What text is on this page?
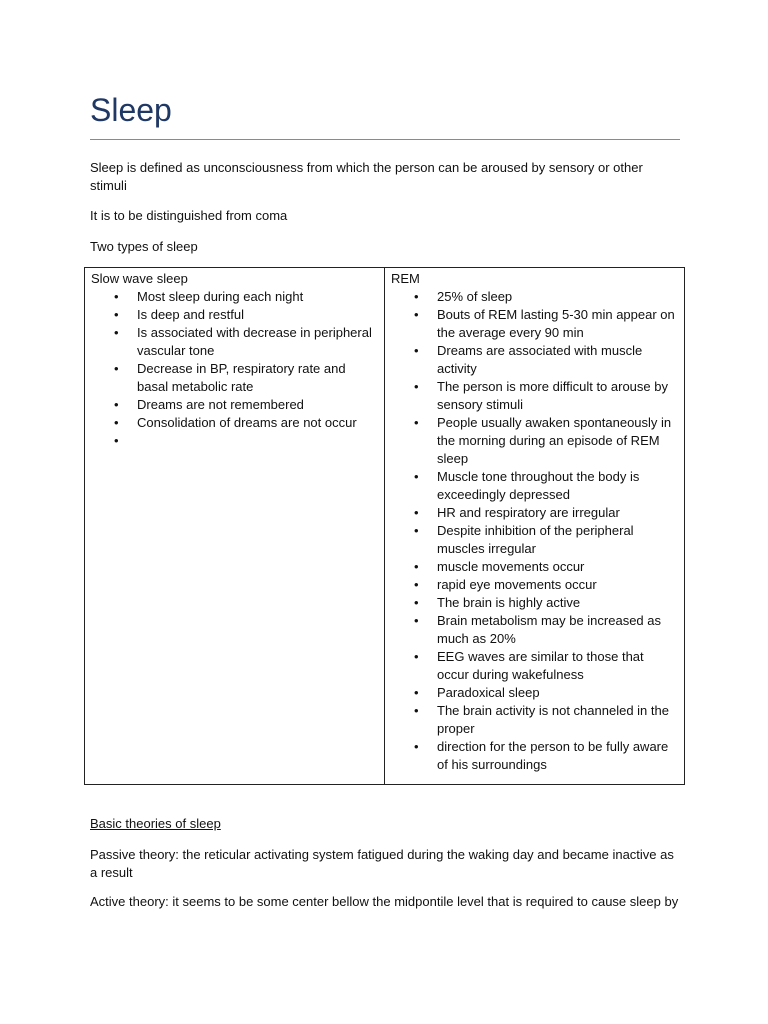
Sleep

Sleep is defined as unconsciousness from which the person can be aroused by sensory or other stimuli

It is to be distinguished from coma

Two types of sleep

Slow wave sleep

• Most sleep during each night
• Is deep and restful
• Is associated with decrease in peripheral vascular tone
• Decrease in BP, respiratory rate and basal metabolic rate
• Dreams are not remembered
• Consolidation of dreams are not occur
•

REM

• 25% of sleep
• Bouts of REM lasting 5-30 min appear on the average every 90 min
• Dreams are associated with muscle activity
• The person is more difficult to arouse by sensory stimuli
• People usually awaken spontaneously in the morning during an episode of REM sleep
• Muscle tone throughout the body is exceedingly depressed
• HR and respiratory are irregular
• Despite inhibition of the peripheral muscles irregular
• muscle movements occur
• rapid eye movements occur
• The brain is highly active
• Brain metabolism may be increased as much as 20%
• EEG waves are similar to those that occur during wakefulness
• Paradoxical sleep
• The brain activity is not channeled in the proper
• direction for the person to be fully aware of his surroundings

Basic theories of sleep

Passive theory: the reticular activating system fatigued during the waking day and became inactive as a result

Active theory: it seems to be some center bellow the midpontile level that is required to cause sleep by
